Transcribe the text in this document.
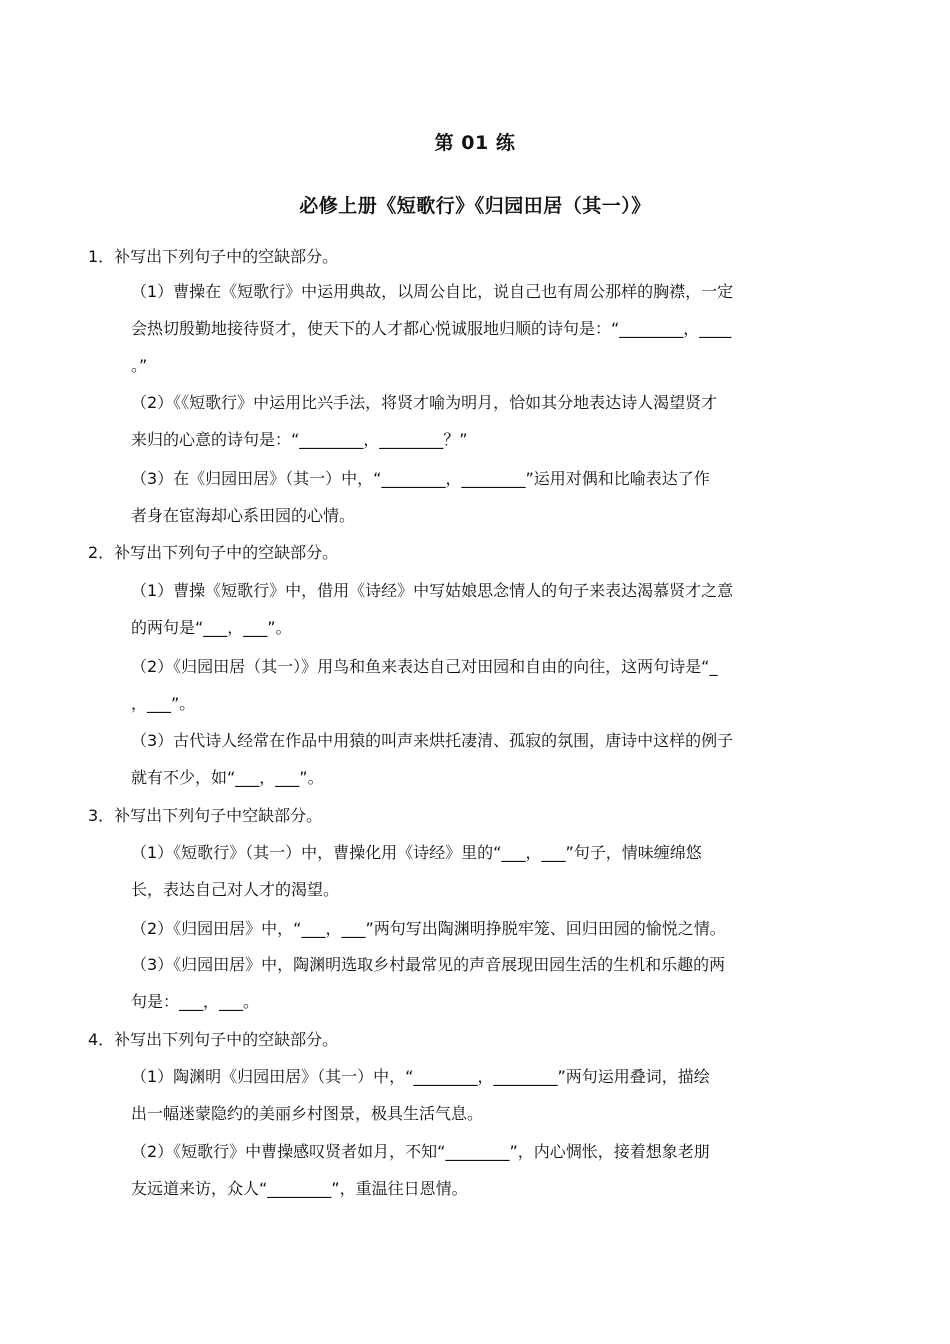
第 01 练
必修上册《短歌行》《归园田居（其一）》
1．补写出下列句子中的空缺部分。
（1）曹操在《短歌行》中运用典故，以周公自比，说自己也有周公那样的胸襟，一定
会热切殷勤地接待贤才，使天下的人才都心悦诚服地归顺的诗句是：“________，____
。”
（2）《《短歌行》中运用比兴手法，将贤才喻为明月，恰如其分地表达诗人渴望贤才
来归的心意的诗句是：“________，________？”
（3）在《归园田居》（其一）中，“________，________”运用对偶和比喻表达了作
者身在宦海却心系田园的心情。
2．补写出下列句子中的空缺部分。
（1）曹操《短歌行》中，借用《诗经》中写姑娘思念情人的句子来表达渴慕贤才之意
的两句是“___，___”。
（2）《归园田居（其一）》用鸟和鱼来表达自己对田园和自由的向往，这两句诗是“_
，___”。
（3）古代诗人经常在作品中用猿的叫声来烘托凄清、孤寂的氛围，唐诗中这样的例子
就有不少，如“___，___”。
3．补写出下列句子中空缺部分。
（1）《短歌行》（其一）中，曹操化用《诗经》里的“___，___”句子，情味缠绵悠
长，表达自己对人才的渴望。
（2）《归园田居》中，“___，___”两句写出陶渊明挣脱牢笼、回归田园的愉悦之情。
（3）《归园田居》中，陶渊明选取乡村最常见的声音展现田园生活的生机和乐趣的两
句是：___，___。
4．补写出下列句子中的空缺部分。
（1）陶渊明《归园田居》（其一）中，“________，________”两句运用叠词，描绘
出一幅迷蒙隐约的美丽乡村图景，极具生活气息。
（2）《短歌行》中曹操感叹贤者如月，不知“________”，内心惆怅，接着想象老朋
友远道来访，众人“________”，重温往日恩情。
